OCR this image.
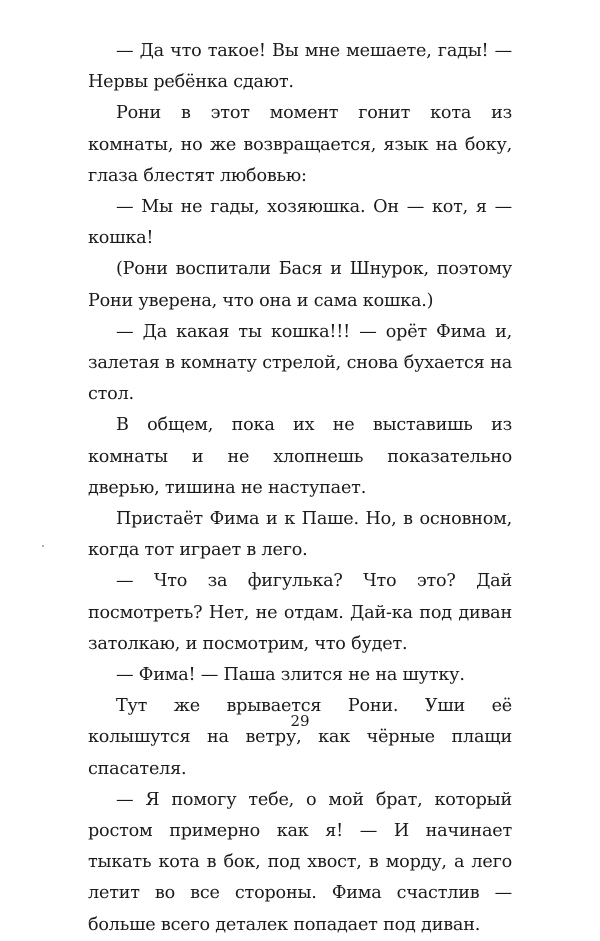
— Да что такое! Вы мне мешаете, гады! — Нервы ребёнка сдают.

Рони в этот момент гонит кота из комнаты, но же возвращается, язык на боку, глаза блестят любовью:

— Мы не гады, хозяюшка. Он — кот, я — кошка!

(Рони воспитали Бася и Шнурок, поэтому Рони уверена, что она и сама кошка.)

— Да какая ты кошка!!! — орёт Фима и, залетая в комнату стрелой, снова бухается на стол.

В общем, пока их не выставишь из комнаты и не хлопнешь показательно дверью, тишина не наступает.

Пристаёт Фима и к Паше. Но, в основном, когда тот играет в лего.

— Что за фигулька? Что это? Дай посмотреть? Нет, не отдам. Дай-ка под диван затолкаю, и посмотрим, что будет.

— Фима! — Паша злится не на шутку.

Тут же врывается Рони. Уши её колышутся на ветру, как чёрные плащи спасателя.

— Я помогу тебе, о мой брат, который ростом примерно как я! — И начинает тыкать кота в бок, под хвост, в морду, а лего летит во все стороны. Фима счастлив — больше всего деталек попадает под диван.

29
